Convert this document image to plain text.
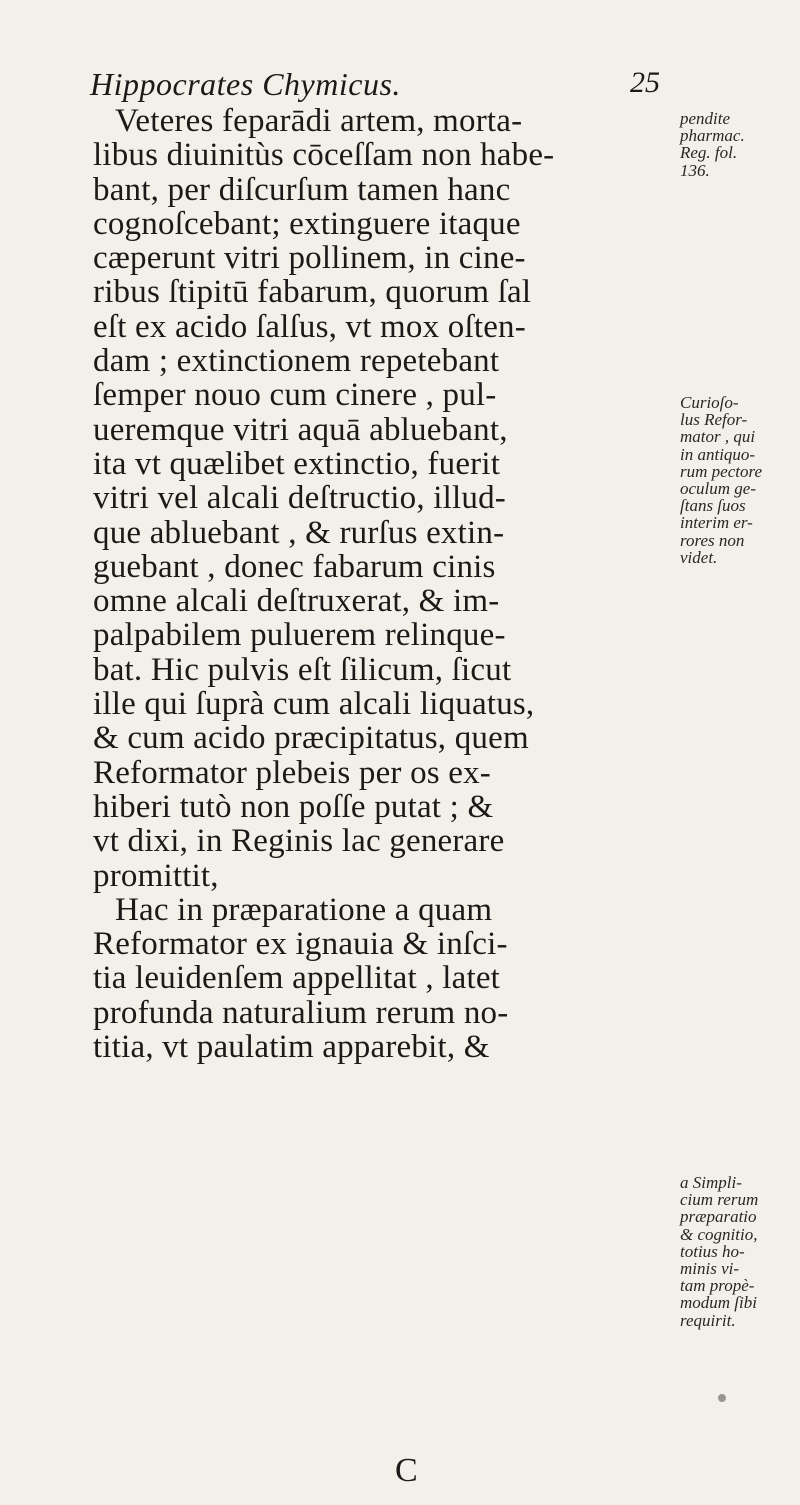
Hippocrates Chymicus.	25
Veteres feparādi artem, morta-
libus diuinitùs cōceſſam non habe-
bant, per diſcurſum tamen hanc
cognoſcebant; extinguere itaque
cæperunt vitri pollinem, in cine-
ribus ſtipitū fabarum, quorum ſal
eſt ex acido ſalſus, vt mox oſten-
dam ; extinctionem repetebant
ſemper nouo cum cinere , pul-
ueremque vitri aquā abluebant,
ita vt quælibet extinctio, fuerit
vitri vel alcali deſtructio, illud-
que abluebant , & rurſus extin-
guebant , donec fabarum cinis
omne alcali deſtruxerat, & im-
palpabilem puluerem relinque-
bat. Hic pulvis eſt ſilicum, ſicut
ille qui ſuprà cum alcali liquatus,
& cum acido præcipitatus, quem
Reformator plebeis per os ex-
hiberi tutò non poſſe putat ; &
vt dixi, in Reginis lac generare
promittit,
Hac in præparatione a quam
Reformator ex ignauia & inſci-
tia leuidenſem appellitat , latet
profunda naturalium rerum no-
titia, vt paulatim apparebit, &
pendite
pharmac.
Reg. fol.
136.
Curioſo-
lus Refor-
mator , qui
in antiquo-
rum pectore
oculum ge-
ſtans ſuos
interim er-
rores non
videt.
a Simpli-
cium rerum
præparatio
& cognitio,
totius ho-
minis vi-
tam propè-
modum ſibi
requirit.
C
